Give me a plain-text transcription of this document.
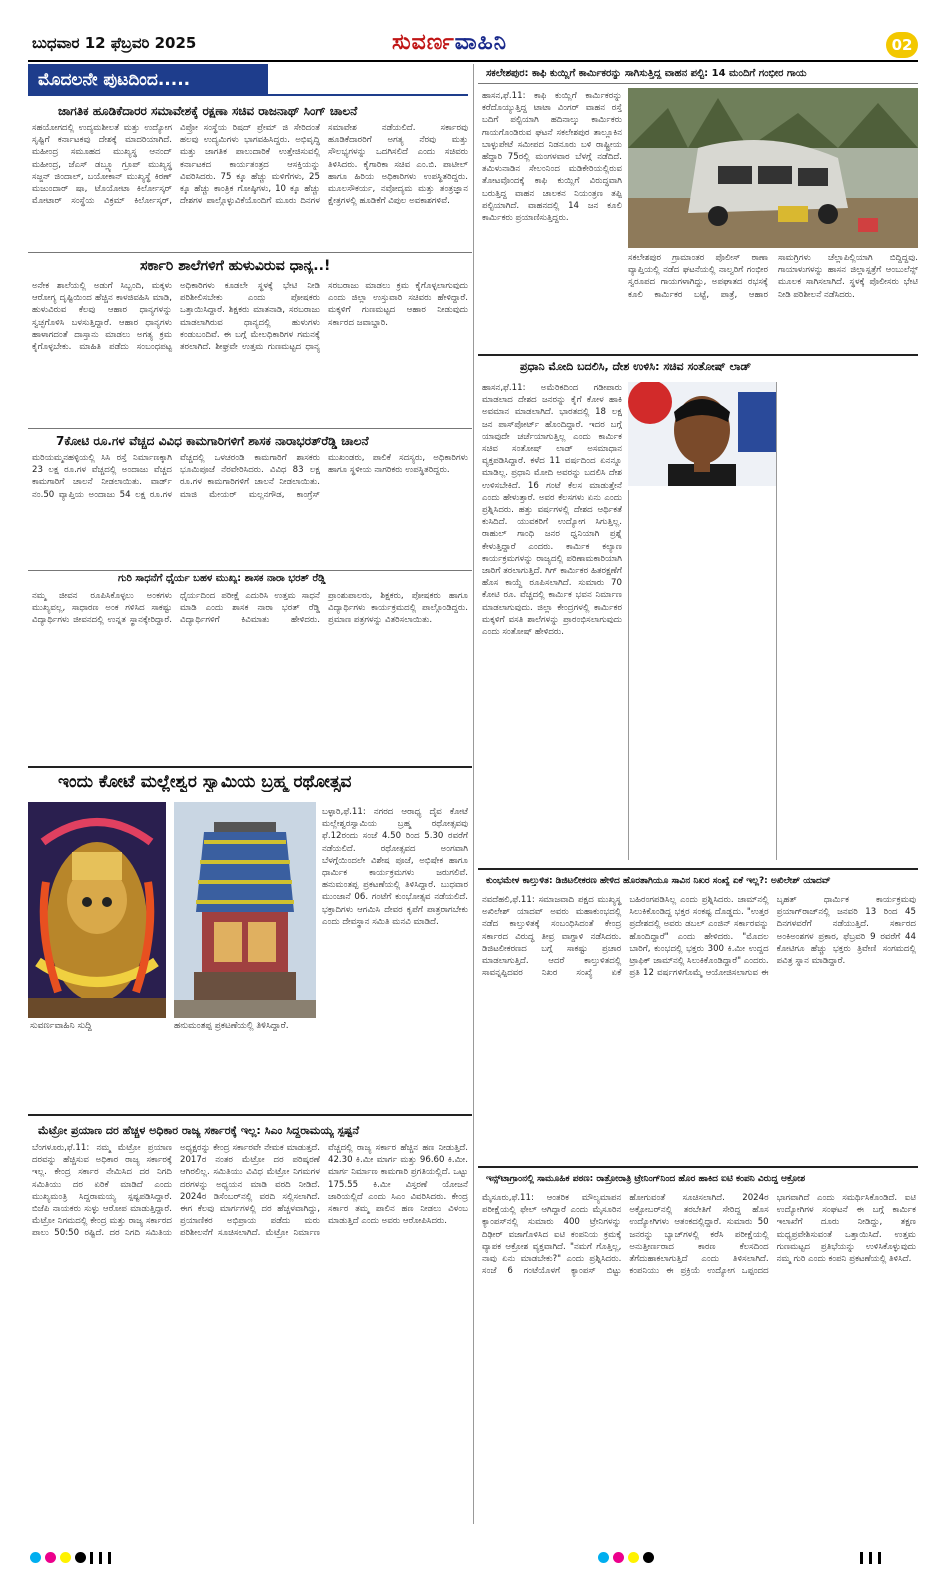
ಬುಧವಾರ 12 ಫೆಬ್ರವರಿ 2025	ಸುವರ್ಣವಾಹಿನಿ	02
ಮೊದಲನೇ ಪುಟದಿಂದ.....
ಜಾಗತಿಕ ಹೂಡಿಕೆದಾರರ ಸಮಾವೇಶಕ್ಕೆ ರಕ್ಷಣಾ ಸಚಿವ ರಾಜನಾಥ್ ಸಿಂಗ್ ಚಾಲನೆ
ಸಹಯೋಗದಲ್ಲಿ ಉದ್ಯಮಶೀಲತೆ ಮತ್ತು ಉದ್ಯೋಗ ಸೃಷ್ಟಿಗೆ ಕರ್ನಾಟಕವು ದೇಶಕ್ಕೆ ಮಾದರಿಯಾಗಿದೆ. ಮಹೀಂದ್ರ ಸಮೂಹದ ಮುಖ್ಯಸ್ಥ ಆನಂದ್ ಮಹೀಂದ್ರ, ಜೆಎಸ್ ಡಬ್ಲ್ಯೂ ಗ್ರೂಪ್ ಮುಖ್ಯಸ್ಥ ಸಜ್ಜನ್ ಜಿಂದಾಲ್, ಬಯೋಕಾನ್ ಮುಖ್ಯಸ್ಥೆ ಕಿರಣ್ ಮಜುಂದಾರ್ ಷಾ, ಟೊಯೋಟಾ ಕಿರ್ಲೋಸ್ಕರ್ ಮೋಟಾರ್ ಸಂಸ್ಥೆಯ ವಿಕ್ರಮ್ ಕಿರ್ಲೋಸ್ಕರ್, ವಿಪ್ರೋ ಸಂಸ್ಥೆಯ ರಿಷದ್ ಪ್ರೇಮ್ ಜಿ ಸೇರಿದಂತೆ ಹಲವು ಉದ್ಯಮಿಗಳು ಭಾಗವಹಿಸಿದ್ದರು. ಅಭಿವೃದ್ಧಿ ಮತ್ತು ಜಾಗತಿಕ ಪಾಲುದಾರಿಕೆ ಉತ್ತೇಜಿಸುವಲ್ಲಿ ಕರ್ನಾಟಕದ ಕಾರ್ಯತಂತ್ರದ ಆಸಕ್ತಿಯನ್ನು ವಿವರಿಸಿದರು. 75 ಕ್ಕೂ ಹೆಚ್ಚು ಮಳಿಗೆಗಳು, 25 ಕ್ಕೂ ಹೆಚ್ಚು ಕಾಂತ್ರಿಕ ಗೋಷ್ಠಿಗಳು, 10 ಕ್ಕೂ ಹೆಚ್ಚು ದೇಶಗಳ ಪಾಲ್ಗೊಳ್ಳುವಿಕೆಯೊಂದಿಗೆ ಮೂರು ದಿನಗಳ ಸಮಾವೇಶ ನಡೆಯಲಿದೆ. ಸರ್ಕಾರವು ಹೂಡಿಕೆದಾರರಿಗೆ ಅಗತ್ಯ ನೆರವು ಮತ್ತು ಸೌಲಭ್ಯಗಳನ್ನು ಒದಗಿಸಲಿದೆ ಎಂದು ಸಚಿವರು ತಿಳಿಸಿದರು. ಕೈಗಾರಿಕಾ ಸಚಿವ ಎಂ.ಬಿ. ಪಾಟೀಲ್ ಹಾಗೂ ಹಿರಿಯ ಅಧಿಕಾರಿಗಳು ಉಪಸ್ಥಿತರಿದ್ದರು. ಮೂಲಸೌಕರ್ಯ, ನವೋದ್ಯಮ ಮತ್ತು ತಂತ್ರಜ್ಞಾನ ಕ್ಷೇತ್ರಗಳಲ್ಲಿ ಹೂಡಿಕೆಗೆ ವಿಪುಲ ಅವಕಾಶಗಳಿವೆ.
ಸರ್ಕಾರಿ ಶಾಲೆಗಳಿಗೆ ಹುಳುವಿರುವ ಧಾನ್ಯ..!
ಅನೇಕ ಶಾಲೆಯಲ್ಲಿ ಅಡುಗೆ ಸಿಬ್ಬಂದಿ, ಮಕ್ಕಳು ಆರೋಗ್ಯ ದೃಷ್ಟಿಯಿಂದ ಹೆಚ್ಚಿನ ಕಾಳಜಿವಹಿಸಿ ಮಾಡಿ, ಹುಳುವಿರುವ ಕೆಲವು ಆಹಾರ ಧಾನ್ಯಗಳನ್ನು ಸ್ವಚ್ಛಗೊಳಿಸಿ ಬಳಸುತ್ತಿದ್ದಾರೆ. ಆಹಾರ ಧಾನ್ಯಗಳು ಹಾಳಾಗದಂತೆ ದಾಸ್ತಾನು ಮಾಡಲು ಅಗತ್ಯ ಕ್ರಮ ಕೈಗೊಳ್ಳಬೇಕು. ಮಾಹಿತಿ ಪಡೆದು ಸಂಬಂಧಪಟ್ಟ ಅಧಿಕಾರಿಗಳು ಕೂಡಲೇ ಸ್ಥಳಕ್ಕೆ ಭೇಟಿ ನೀಡಿ ಪರಿಶೀಲಿಸಬೇಕು ಎಂದು ಪೋಷಕರು ಒತ್ತಾಯಿಸಿದ್ದಾರೆ. ಶಿಕ್ಷಕರು ಮಾತನಾಡಿ, ಸರಬರಾಜು ಮಾಡಲಾಗಿರುವ ಧಾನ್ಯದಲ್ಲಿ ಹುಳುಗಳು ಕಂಡುಬಂದಿವೆ. ಈ ಬಗ್ಗೆ ಮೇಲಧಿಕಾರಿಗಳ ಗಮನಕ್ಕೆ ತರಲಾಗಿದೆ. ಶೀಘ್ರವೇ ಉತ್ತಮ ಗುಣಮಟ್ಟದ ಧಾನ್ಯ ಸರಬರಾಜು ಮಾಡಲು ಕ್ರಮ ಕೈಗೊಳ್ಳಲಾಗುವುದು ಎಂದು ಜಿಲ್ಲಾ ಉಸ್ತುವಾರಿ ಸಚಿವರು ಹೇಳಿದ್ದಾರೆ. ಮಕ್ಕಳಿಗೆ ಗುಣಮಟ್ಟದ ಆಹಾರ ನೀಡುವುದು ಸರ್ಕಾರದ ಜವಾಬ್ದಾರಿ.
7ಕೋಟಿ ರೂ.ಗಳ ವೆಚ್ಚದ ವಿವಿಧ ಕಾಮಗಾರಿಗಳಿಗೆ ಶಾಸಕ ನಾರಾಭರತ್‌ರೆಡ್ಡಿ ಚಾಲನೆ
ಮರಿಯಮ್ಮನಹಳ್ಳಿಯಲ್ಲಿ ಸಿಸಿ ರಸ್ತೆ ನಿರ್ಮಾಣಕ್ಕಾಗಿ 23 ಲಕ್ಷ ರೂ.ಗಳ ವೆಚ್ಚದಲ್ಲಿ ಅಂದಾಜು ವೆಚ್ಚದ ಕಾಮಗಾರಿಗೆ ಚಾಲನೆ ನೀಡಲಾಯಿತು. ವಾರ್ಡ್ ನಂ.50 ವ್ಯಾಪ್ತಿಯ ಅಂದಾಜು 54 ಲಕ್ಷ ರೂ.ಗಳ ವೆಚ್ಚದಲ್ಲಿ ಒಳಚರಂಡಿ ಕಾಮಗಾರಿಗೆ ಶಾಸಕರು ಭೂಮಿಪೂಜೆ ನೆರವೇರಿಸಿದರು. ವಿವಿಧ 83 ಲಕ್ಷ ರೂ.ಗಳ ಕಾಮಗಾರಿಗಳಿಗೆ ಚಾಲನೆ ನೀಡಲಾಯಿತು. ಮಾಜಿ ಮೇಯರ್ ಮಲ್ಲನಗೌಡ, ಕಾಂಗ್ರೆಸ್ ಮುಖಂಡರು, ಪಾಲಿಕೆ ಸದಸ್ಯರು, ಅಧಿಕಾರಿಗಳು ಹಾಗೂ ಸ್ಥಳೀಯ ನಾಗರಿಕರು ಉಪಸ್ಥಿತರಿದ್ದರು.
ಗುರಿ ಸಾಧನೆಗೆ ಧೈರ್ಯ ಬಹಳ ಮುಖ್ಯ: ಶಾಸಕ ನಾರಾ ಭರತ್ ರೆಡ್ಡಿ
ನಮ್ಮ ಜೀವನ ರೂಪಿಸಿಕೊಳ್ಳಲು ಅಂಕಗಳು ಮುಖ್ಯವಲ್ಲ, ಸಾಧಾರಣ ಅಂಕ ಗಳಿಸಿದ ಸಾಕಷ್ಟು ವಿದ್ಯಾರ್ಥಿಗಳು ಜೀವನದಲ್ಲಿ ಉನ್ನತ ಸ್ಥಾನಕ್ಕೇರಿದ್ದಾರೆ. ಧೈರ್ಯದಿಂದ ಪರೀಕ್ಷೆ ಎದುರಿಸಿ ಉತ್ತಮ ಸಾಧನೆ ಮಾಡಿ ಎಂದು ಶಾಸಕ ನಾರಾ ಭರತ್ ರೆಡ್ಡಿ ವಿದ್ಯಾರ್ಥಿಗಳಿಗೆ ಕಿವಿಮಾತು ಹೇಳಿದರು. ಪ್ರಾಂಶುಪಾಲರು, ಶಿಕ್ಷಕರು, ಪೋಷಕರು ಹಾಗೂ ವಿದ್ಯಾರ್ಥಿಗಳು ಕಾರ್ಯಕ್ರಮದಲ್ಲಿ ಪಾಲ್ಗೊಂಡಿದ್ದರು. ಪ್ರಮಾಣ ಪತ್ರಗಳನ್ನು ವಿತರಿಸಲಾಯಿತು.
ಇಂದು ಕೋಟೆ ಮಲ್ಲೇಶ್ವರ ಸ್ವಾಮಿಯ ಬ್ರಹ್ಮ ರಥೋತ್ಸವ
ಬಳ್ಳಾರಿ,ಫೆ.11: ನಗರದ ಆರಾಧ್ಯ ದೈವ ಕೋಟೆ ಮಲ್ಲೇಶ್ವರಸ್ವಾಮಿಯ ಬ್ರಹ್ಮ ರಥೋತ್ಸವವು ಫೆ.12ರಂದು ಸಂಜೆ 4.50 ರಿಂದ 5.30 ರವರೆಗೆ ನಡೆಯಲಿದೆ. ರಥೋತ್ಸವದ ಅಂಗವಾಗಿ ಬೆಳಗ್ಗೆಯಿಂದಲೇ ವಿಶೇಷ ಪೂಜೆ, ಅಭಿಷೇಕ ಹಾಗೂ ಧಾರ್ಮಿಕ ಕಾರ್ಯಕ್ರಮಗಳು ಜರುಗಲಿವೆ. ಹನುಮಂತಪ್ಪ ಪ್ರಕಟಣೆಯಲ್ಲಿ ತಿಳಿಸಿದ್ದಾರೆ. ಬುಧವಾರ ಮುಂಜಾನೆ 06. ಗಂಟೆಗೆ ಕುಂಭೋತ್ಸವ ನಡೆಯಲಿದೆ. ಭಕ್ತಾದಿಗಳು ಆಗಮಿಸಿ ದೇವರ ಕೃಪೆಗೆ ಪಾತ್ರರಾಗಬೇಕು ಎಂದು ದೇವಸ್ಥಾನ ಸಮಿತಿ ಮನವಿ ಮಾಡಿದೆ.
ಸುವರ್ಣವಾಹಿನಿ ಸುದ್ದಿ	ಹನುಮಂತಪ್ಪ ಪ್ರಕಟಣೆಯಲ್ಲಿ ತಿಳಿಸಿದ್ದಾರೆ.
ಮೆಟ್ರೋ ಪ್ರಯಾಣ ದರ ಹೆಚ್ಚಳ ಅಧಿಕಾರ ರಾಜ್ಯ ಸರ್ಕಾರಕ್ಕೆ ಇಲ್ಲ: ಸಿಎಂ ಸಿದ್ದರಾಮಯ್ಯ ಸ್ಪಷ್ಟನೆ
ಬೆಂಗಳೂರು,ಫೆ.11: ನಮ್ಮ ಮೆಟ್ರೋ ಪ್ರಯಾಣ ದರವನ್ನು ಹೆಚ್ಚಿಸುವ ಅಧಿಕಾರ ರಾಜ್ಯ ಸರ್ಕಾರಕ್ಕೆ ಇಲ್ಲ. ಕೇಂದ್ರ ಸರ್ಕಾರ ನೇಮಿಸಿದ ದರ ನಿಗದಿ ಸಮಿತಿಯು ದರ ಏರಿಕೆ ಮಾಡಿದೆ ಎಂದು ಮುಖ್ಯಮಂತ್ರಿ ಸಿದ್ದರಾಮಯ್ಯ ಸ್ಪಷ್ಟಪಡಿಸಿದ್ದಾರೆ. ಬಿಜೆಪಿ ನಾಯಕರು ಸುಳ್ಳು ಆರೋಪ ಮಾಡುತ್ತಿದ್ದಾರೆ. ಮೆಟ್ರೋ ನಿಗಮದಲ್ಲಿ ಕೇಂದ್ರ ಮತ್ತು ರಾಜ್ಯ ಸರ್ಕಾರದ ಪಾಲು 50:50 ರಷ್ಟಿದೆ. ದರ ನಿಗದಿ ಸಮಿತಿಯ ಅಧ್ಯಕ್ಷರನ್ನು ಕೇಂದ್ರ ಸರ್ಕಾರವೇ ನೇಮಕ ಮಾಡುತ್ತದೆ. 2017ರ ನಂತರ ಮೆಟ್ರೋ ದರ ಪರಿಷ್ಕರಣೆ ಆಗಿರಲಿಲ್ಲ. ಸಮಿತಿಯು ವಿವಿಧ ಮೆಟ್ರೋ ನಿಗಮಗಳ ದರಗಳನ್ನು ಅಧ್ಯಯನ ಮಾಡಿ ವರದಿ ನೀಡಿದೆ. 2024ರ ಡಿಸೆಂಬರ್‌ನಲ್ಲಿ ವರದಿ ಸಲ್ಲಿಸಲಾಗಿದೆ. ಈಗ ಕೆಲವು ಮಾರ್ಗಗಳಲ್ಲಿ ದರ ಹೆಚ್ಚಳವಾಗಿದ್ದು, ಪ್ರಯಾಣಿಕರ ಅಭಿಪ್ರಾಯ ಪಡೆದು ಮರು ಪರಿಶೀಲನೆಗೆ ಸೂಚಿಸಲಾಗಿದೆ. ಮೆಟ್ರೋ ನಿರ್ಮಾಣ ವೆಚ್ಚದಲ್ಲಿ ರಾಜ್ಯ ಸರ್ಕಾರ ಹೆಚ್ಚಿನ ಹಣ ನೀಡುತ್ತಿದೆ. 42.30 ಕಿ.ಮೀ ಮಾರ್ಗ ಮತ್ತು 96.60 ಕಿ.ಮೀ. ಮಾರ್ಗ ನಿರ್ಮಾಣ ಕಾಮಗಾರಿ ಪ್ರಗತಿಯಲ್ಲಿದೆ. ಒಟ್ಟು 175.55 ಕಿ.ಮೀ ವಿಸ್ತರಣೆ ಯೋಜನೆ ಜಾರಿಯಲ್ಲಿದೆ ಎಂದು ಸಿಎಂ ವಿವರಿಸಿದರು. ಕೇಂದ್ರ ಸರ್ಕಾರ ತಮ್ಮ ಪಾಲಿನ ಹಣ ನೀಡಲು ವಿಳಂಬ ಮಾಡುತ್ತಿದೆ ಎಂದು ಅವರು ಆರೋಪಿಸಿದರು.
ಸಕಲೇಶಪುರ: ಕಾಫಿ ಕುಯ್ಲಿಗೆ ಕಾರ್ಮಿಕರನ್ನು ಸಾಗಿಸುತ್ತಿದ್ದ ವಾಹನ ಪಲ್ಟಿ: 14 ಮಂದಿಗೆ ಗಂಭೀರ ಗಾಯ
ಹಾಸನ,ಫೆ.11: ಕಾಫಿ ಕುಯ್ಲಿಗೆ ಕಾರ್ಮಿಕರನ್ನು ಕರೆದೊಯ್ಯುತ್ತಿದ್ದ ಟಾಟಾ ವಿಂಗರ್ ವಾಹನ ರಸ್ತೆ ಬದಿಗೆ ಪಲ್ಟಿಯಾಗಿ ಹದಿನಾಲ್ಕು ಕಾರ್ಮಿಕರು ಗಾಯಗೊಂಡಿರುವ ಘಟನೆ ಸಕಲೇಶಪುರ ತಾಲ್ಲೂಕಿನ ಬಾಳ್ಳುಪೇಟೆ ಸಮೀಪದ ನಿಡನೂರು ಬಳಿ ರಾಷ್ಟ್ರೀಯ ಹೆದ್ದಾರಿ 75ರಲ್ಲಿ ಮಂಗಳವಾರ ಬೆಳಗ್ಗೆ ನಡೆದಿದೆ. ತಮಿಳುನಾಡಿನ ಸೇಲಂನಿಂದ ಮಡಿಕೇರಿಯಲ್ಲಿರುವ ತೋಟವೊಂದಕ್ಕೆ ಕಾಫಿ ಕುಯ್ಲಿಗೆ ವಿರುದ್ಧವಾಗಿ ಬರುತ್ತಿದ್ದ ವಾಹನ ಚಾಲಕನ ನಿಯಂತ್ರಣ ತಪ್ಪಿ ಪಲ್ಟಿಯಾಗಿದೆ. ವಾಹನದಲ್ಲಿ 14 ಜನ ಕೂಲಿ ಕಾರ್ಮಿಕರು ಪ್ರಯಾಣಿಸುತ್ತಿದ್ದರು.
ಸಕಲೇಶಪುರ ಗ್ರಾಮಾಂತರ ಪೊಲೀಸ್ ಠಾಣಾ ವ್ಯಾಪ್ತಿಯಲ್ಲಿ ನಡೆದ ಘಟನೆಯಲ್ಲಿ ನಾಲ್ವರಿಗೆ ಗಂಭೀರ ಸ್ವರೂಪದ ಗಾಯಗಳಾಗಿದ್ದು, ಅಪಘಾತದ ರಭಸಕ್ಕೆ ಕೂಲಿ ಕಾರ್ಮಿಕರ ಬಟ್ಟೆ, ಪಾತ್ರೆ, ಆಹಾರ ಸಾಮಗ್ರಿಗಳು ಚೆಲ್ಲಾಪಿಲ್ಲಿಯಾಗಿ ಬಿದ್ದಿದ್ದವು. ಗಾಯಾಳುಗಳನ್ನು ಹಾಸನ ಜಿಲ್ಲಾಸ್ಪತ್ರೆಗೆ ಆಂಬುಲೆನ್ಸ್ ಮೂಲಕ ಸಾಗಿಸಲಾಗಿದೆ. ಸ್ಥಳಕ್ಕೆ ಪೊಲೀಸರು ಭೇಟಿ ನೀಡಿ ಪರಿಶೀಲನೆ ನಡೆಸಿದರು.
ಪ್ರಧಾನಿ ಮೋದಿ ಬದಲಿಸಿ, ದೇಶ ಉಳಿಸಿ: ಸಚಿವ ಸಂತೋಷ್ ಲಾಡ್
ಹಾಸನ,ಫೆ.11: ಅಮೆರಿಕದಿಂದ ಗಡೀಪಾರು ಮಾಡಲಾದ ದೇಶದ ಜನರನ್ನು ಕೈಗೆ ಕೋಳ ಹಾಕಿ ಅವಮಾನ ಮಾಡಲಾಗಿದೆ. ಭಾರತದಲ್ಲಿ 18 ಲಕ್ಷ ಜನ ಪಾಸ್‌ಪೋರ್ಟ್ ಹೊಂದಿದ್ದಾರೆ. ಇದರ ಬಗ್ಗೆ ಯಾವುದೇ ಚರ್ಚೆಯಾಗುತ್ತಿಲ್ಲ ಎಂದು ಕಾರ್ಮಿಕ ಸಚಿವ ಸಂತೋಷ್ ಲಾಡ್ ಅಸಮಾಧಾನ ವ್ಯಕ್ತಪಡಿಸಿದ್ದಾರೆ. ಕಳೆದ 11 ವರ್ಷದಿಂದ ಏನನ್ನೂ ಮಾಡಿಲ್ಲ. ಪ್ರಧಾನಿ ಮೋದಿ ಅವರನ್ನು ಬದಲಿಸಿ ದೇಶ ಉಳಿಸಬೇಕಿದೆ. 16 ಗಂಟೆ ಕೆಲಸ ಮಾಡುತ್ತೇನೆ ಎಂದು ಹೇಳುತ್ತಾರೆ. ಅವರ ಕೆಲಸಗಳು ಏನು ಎಂದು ಪ್ರಶ್ನಿಸಿದರು. ಹತ್ತು ವರ್ಷಗಳಲ್ಲಿ ದೇಶದ ಆರ್ಥಿಕತೆ ಕುಸಿದಿದೆ. ಯುವಕರಿಗೆ ಉದ್ಯೋಗ ಸಿಗುತ್ತಿಲ್ಲ. ರಾಹುಲ್ ಗಾಂಧಿ ಜನರ ಧ್ವನಿಯಾಗಿ ಪ್ರಶ್ನೆ ಕೇಳುತ್ತಿದ್ದಾರೆ ಎಂದರು. ಕಾರ್ಮಿಕ ಕಲ್ಯಾಣ ಕಾರ್ಯಕ್ರಮಗಳನ್ನು ರಾಜ್ಯದಲ್ಲಿ ಪರಿಣಾಮಕಾರಿಯಾಗಿ ಜಾರಿಗೆ ತರಲಾಗುತ್ತಿದೆ. ಗಿಗ್ ಕಾರ್ಮಿಕರ ಹಿತರಕ್ಷಣೆಗೆ ಹೊಸ ಕಾಯ್ದೆ ರೂಪಿಸಲಾಗಿದೆ. ಸುಮಾರು 70 ಕೋಟಿ ರೂ. ವೆಚ್ಚದಲ್ಲಿ ಕಾರ್ಮಿಕ ಭವನ ನಿರ್ಮಾಣ ಮಾಡಲಾಗುವುದು. ಜಿಲ್ಲಾ ಕೇಂದ್ರಗಳಲ್ಲಿ ಕಾರ್ಮಿಕರ ಮಕ್ಕಳಿಗೆ ವಸತಿ ಶಾಲೆಗಳನ್ನು ಪ್ರಾರಂಭಿಸಲಾಗುವುದು ಎಂದು ಸಂತೋಷ್ ಹೇಳಿದರು.
ಕುಂಭಮೇಳ ಕಾಲ್ತುಳಿತ: ಡಿಜಿಟಲೀಕರಣ ಹೇಳಿದ ಹೊರತಾಗಿಯೂ ಸಾವಿನ ನಿಖರ ಸಂಖ್ಯೆ ಏಕೆ ಇಲ್ಲ?: ಅಖಿಲೇಶ್ ಯಾದವ್
ನವದೆಹಲಿ,ಫೆ.11: ಸಮಾಜವಾದಿ ಪಕ್ಷದ ಮುಖ್ಯಸ್ಥ ಅಖಿಲೇಶ್ ಯಾದವ್ ಅವರು ಮಹಾಕುಂಭದಲ್ಲಿ ನಡೆದ ಕಾಲ್ತುಳಿತಕ್ಕೆ ಸಂಬಂಧಿಸಿದಂತೆ ಕೇಂದ್ರ ಸರ್ಕಾರದ ವಿರುದ್ಧ ತೀವ್ರ ವಾಗ್ದಾಳಿ ನಡೆಸಿದರು. ಡಿಜಿಟಲೀಕರಣದ ಬಗ್ಗೆ ಸಾಕಷ್ಟು ಪ್ರಚಾರ ಮಾಡಲಾಗುತ್ತಿದೆ. ಆದರೆ ಕಾಲ್ತುಳಿತದಲ್ಲಿ ಸಾವನ್ನಪ್ಪಿದವರ ನಿಖರ ಸಂಖ್ಯೆ ಏಕೆ ಬಹಿರಂಗಪಡಿಸಿಲ್ಲ ಎಂದು ಪ್ರಶ್ನಿಸಿದರು. ಜಾಮ್‌ನಲ್ಲಿ ಸಿಲುಕಿಕೊಂಡಿದ್ದ ಭಕ್ತರ ಸಂಕಷ್ಟ ದೊಡ್ಡದು. "ಉತ್ತರ ಪ್ರದೇಶದಲ್ಲಿ ಅವರು ಡಬಲ್ ಎಂಜಿನ್ ಸರ್ಕಾರವನ್ನು ಹೊಂದಿದ್ದಾರೆ" ಎಂದು ಹೇಳಿದರು. "ಮೊದಲ ಬಾರಿಗೆ, ಕುಂಭದಲ್ಲಿ ಭಕ್ತರು 300 ಕಿ.ಮೀ ಉದ್ದದ ಟ್ರಾಫಿಕ್ ಜಾಮ್‌ನಲ್ಲಿ ಸಿಲುಕಿಕೊಂಡಿದ್ದಾರೆ" ಎಂದರು. ಪ್ರತಿ 12 ವರ್ಷಗಳಿಗೊಮ್ಮೆ ಆಯೋಜಿಸಲಾಗುವ ಈ ಬೃಹತ್ ಧಾರ್ಮಿಕ ಕಾರ್ಯಕ್ರಮವು ಪ್ರಯಾಗ್‌ರಾಜ್‌ನಲ್ಲಿ ಜನವರಿ 13 ರಿಂದ 45 ದಿನಗಳವರೆಗೆ ನಡೆಯುತ್ತಿದೆ. ಸರ್ಕಾರದ ಅಂಕಿಅಂಶಗಳ ಪ್ರಕಾರ, ಫೆಬ್ರವರಿ 9 ರವರೆಗೆ 44 ಕೋಟಿಗೂ ಹೆಚ್ಚು ಭಕ್ತರು ತ್ರಿವೇಣಿ ಸಂಗಮದಲ್ಲಿ ಪವಿತ್ರ ಸ್ನಾನ ಮಾಡಿದ್ದಾರೆ.
ಇನ್ಸ್‌ಟಾಗ್ರಾಂನಲ್ಲಿ ಸಾಮೂಹಿಕ ಪಠಣ: ರಾತ್ರೋರಾತ್ರಿ ಟ್ರೇನಿಂಗ್‌ನಿಂದ ಹೊರ ಹಾಕಿದ ಐಟಿ ಕಂಪನಿ ವಿರುದ್ಧ ಆಕ್ರೋಶ
ಮೈಸೂರು,ಫೆ.11: ಆಂತರಿಕ ಮೌಲ್ಯಮಾಪನ ಪರೀಕ್ಷೆಯಲ್ಲಿ ಫೇಲ್ ಆಗಿದ್ದಾರೆ ಎಂದು ಮೈಸೂರಿನ ಕ್ಯಾಂಪಸ್‌ನಲ್ಲಿ ಸುಮಾರು 400 ಟ್ರೇನಿಗಳನ್ನು ದಿಢೀರ್ ವಜಾಗೊಳಿಸಿದ ಐಟಿ ಕಂಪನಿಯ ಕ್ರಮಕ್ಕೆ ವ್ಯಾಪಕ ಆಕ್ರೋಶ ವ್ಯಕ್ತವಾಗಿದೆ. "ನಮಗೆ ಗೊತ್ತಿಲ್ಲ, ನಾವು ಏನು ಮಾಡಬೇಕು?" ಎಂದು ಪ್ರಶ್ನಿಸಿದರು. ಸಂಜೆ 6 ಗಂಟೆಯೊಳಗೆ ಕ್ಯಾಂಪಸ್ ಬಿಟ್ಟು ಹೋಗುವಂತೆ ಸೂಚಿಸಲಾಗಿದೆ. 2024ರ ಅಕ್ಟೋಬರ್‌ನಲ್ಲಿ ತರಬೇತಿಗೆ ಸೇರಿದ್ದ ಹೊಸ ಉದ್ಯೋಗಿಗಳು ಆತಂಕದಲ್ಲಿದ್ದಾರೆ. ಸುಮಾರು 50 ಜನರನ್ನು ಬ್ಯಾಚ್‌ಗಳಲ್ಲಿ ಕರೆಸಿ ಪರೀಕ್ಷೆಯಲ್ಲಿ ಅನುತ್ತೀರ್ಣರಾದ ಕಾರಣ ಕೆಲಸದಿಂದ ತೆಗೆದುಹಾಕಲಾಗುತ್ತಿದೆ ಎಂದು ತಿಳಿಸಲಾಗಿದೆ. ಕಂಪನಿಯು ಈ ಪ್ರಕ್ರಿಯೆ ಉದ್ಯೋಗ ಒಪ್ಪಂದದ ಭಾಗವಾಗಿದೆ ಎಂದು ಸಮರ್ಥಿಸಿಕೊಂಡಿದೆ. ಐಟಿ ಉದ್ಯೋಗಿಗಳ ಸಂಘಟನೆ ಈ ಬಗ್ಗೆ ಕಾರ್ಮಿಕ ಇಲಾಖೆಗೆ ದೂರು ನೀಡಿದ್ದು, ತಕ್ಷಣ ಮಧ್ಯಪ್ರವೇಶಿಸುವಂತೆ ಒತ್ತಾಯಿಸಿದೆ. ಉತ್ತಮ ಗುಣಮಟ್ಟದ ಪ್ರತಿಭೆಯನ್ನು ಉಳಿಸಿಕೊಳ್ಳುವುದು ನಮ್ಮ ಗುರಿ ಎಂದು ಕಂಪನಿ ಪ್ರಕಟಣೆಯಲ್ಲಿ ತಿಳಿಸಿದೆ.
